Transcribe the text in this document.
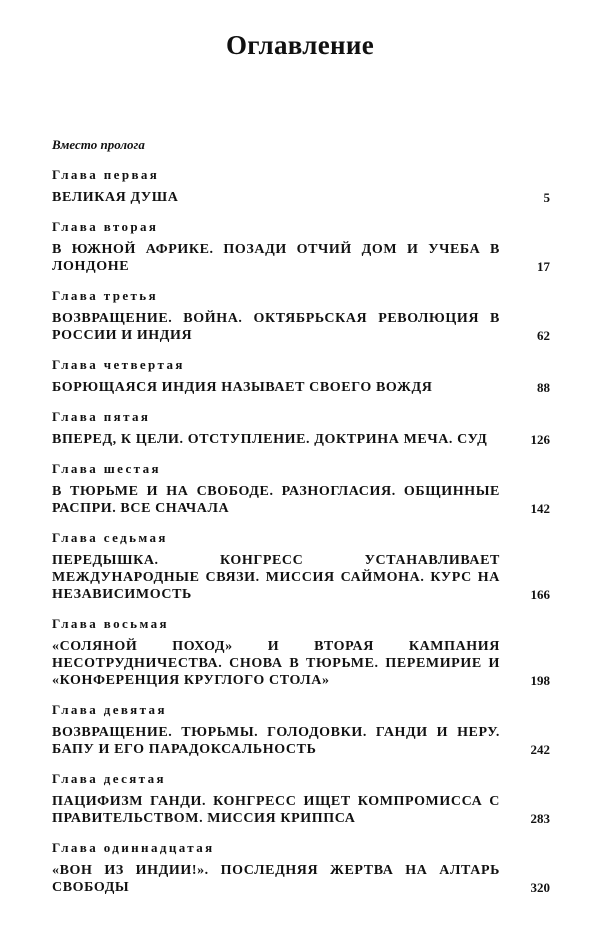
Оглавление
Вместо пролога
Глава первая
ВЕЛИКАЯ ДУША	5
Глава вторая
В ЮЖНОЙ АФРИКЕ. ПОЗАДИ ОТЧИЙ ДОМ И УЧЕБА В ЛОНДОНЕ	17
Глава третья
ВОЗВРАЩЕНИЕ. ВОЙНА. ОКТЯБРЬСКАЯ РЕВОЛЮЦИЯ В РОССИИ И ИНДИЯ	62
Глава четвертая
БОРЮЩАЯСЯ ИНДИЯ НАЗЫВАЕТ СВОЕГО ВОЖДЯ	88
Глава пятая
ВПЕРЕД, К ЦЕЛИ. ОТСТУПЛЕНИЕ. ДОКТРИНА МЕЧА. СУД	126
Глава шестая
В ТЮРЬМЕ И НА СВОБОДЕ. РАЗНОГЛАСИЯ. ОБЩИННЫЕ РАСПРИ. ВСЕ СНАЧАЛА	142
Глава седьмая
ПЕРЕДЫШКА. КОНГРЕСС УСТАНАВЛИВАЕТ МЕЖДУНАРОДНЫЕ СВЯЗИ. МИССИЯ САЙМОНА. КУРС НА НЕЗАВИСИМОСТЬ	166
Глава восьмая
«СОЛЯНОЙ ПОХОД» И ВТОРАЯ КАМПАНИЯ НЕСОТРУДНИЧЕСТВА. СНОВА В ТЮРЬМЕ. ПЕРЕМИРИЕ И «КОНФЕРЕНЦИЯ КРУГЛОГО СТОЛА»	198
Глава девятая
ВОЗВРАЩЕНИЕ. ТЮРЬМЫ. ГОЛОДОВКИ. ГАНДИ И НЕРУ. БАПУ И ЕГО ПАРАДОКСАЛЬНОСТЬ	242
Глава десятая
ПАЦИФИЗМ ГАНДИ. КОНГРЕСС ИЩЕТ КОМПРОМИССА С ПРАВИТЕЛЬСТВОМ. МИССИЯ КРИППСА	283
Глава одиннадцатая
«ВОН ИЗ ИНДИИ!». ПОСЛЕДНЯЯ ЖЕРТВА НА АЛТАРЬ СВОБОДЫ	320
